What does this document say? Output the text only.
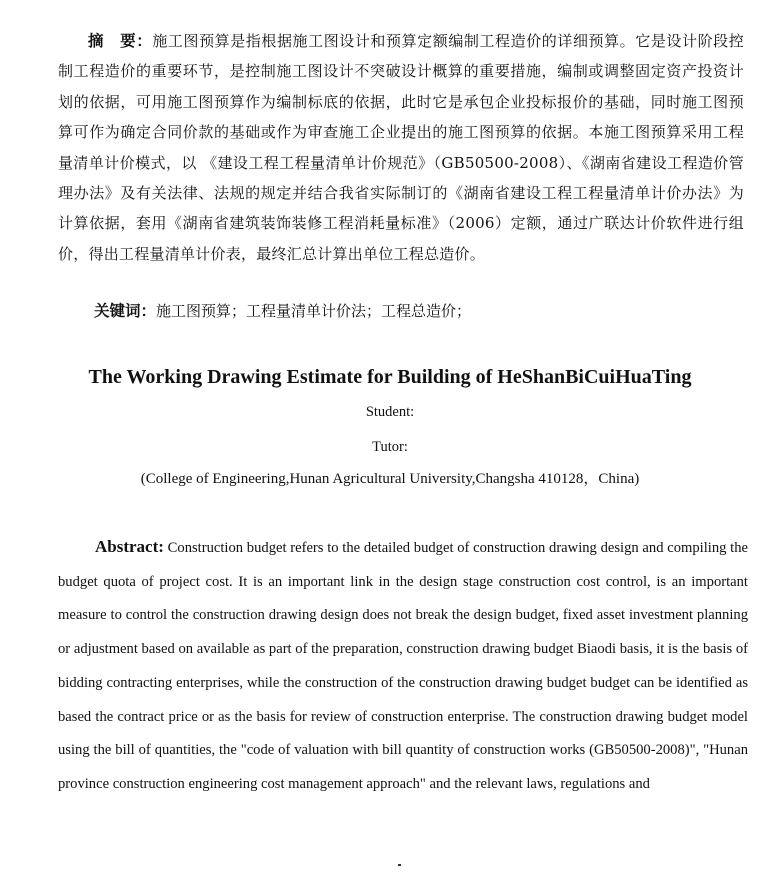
摘　要：施工图预算是指根据施工图设计和预算定额编制工程造价的详细预算。它是设计阶段控制工程造价的重要环节，是控制施工图设计不突破设计概算的重要措施，编制或调整固定资产投资计划的依据，可用施工图预算作为编制标底的依据，此时它是承包企业投标报价的基础，同时施工图预算可作为确定合同价款的基础或作为审查施工企业提出的施工图预算的依据。本施工图预算采用工程量清单计价模式，以 《建设工程工程量清单计价规范》（GB50500-2008）、《湖南省建设工程造价管理办法》及有关法律、法规的规定并结合我省实际制订的《湖南省建设工程工程量清单计价办法》为计算依据，套用《湖南省建筑装饰装修工程消耗量标准》（2006）定额，通过广联达计价软件进行组价，得出工程量清单计价表，最终汇总计算出单位工程总造价。

关键词：施工图预算；工程量清单计价法；工程总造价；
The Working Drawing Estimate for Building of HeShanBiCuiHuaTing
Student:
Tutor:
(College of Engineering,Hunan Agricultural University,Changsha 410128，China)

Abstract: Construction budget refers to the detailed budget of construction drawing design and compiling the budget quota of project cost. It is an important link in the design stage construction cost control, is an important measure to control the construction drawing design does not break the design budget, fixed asset investment planning or adjustment based on available as part of the preparation, construction drawing budget Biaodi basis, it is the basis of bidding contracting enterprises, while the construction of the construction drawing budget budget can be identified as based the contract price or as the basis for review of construction enterprise. The construction drawing budget model using the bill of quantities, the "code of valuation with bill quantity of construction works (GB50500-2008)", "Hunan province construction engineering cost management approach" and the relevant laws, regulations and
